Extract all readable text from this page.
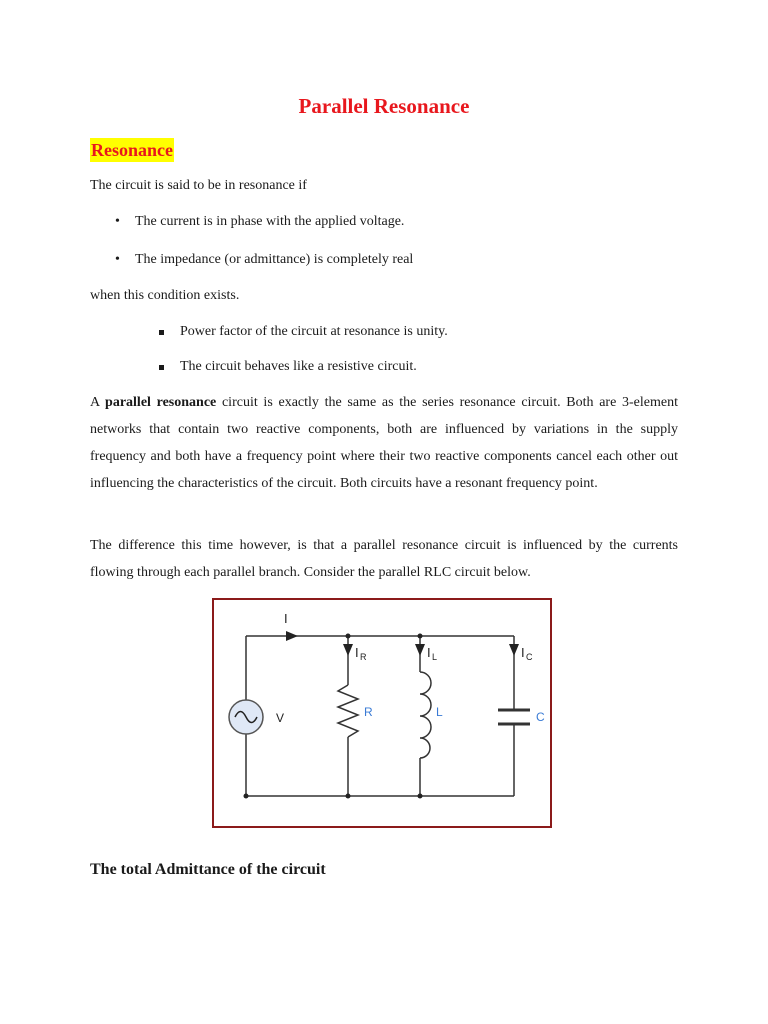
Parallel Resonance
Resonance
The circuit is said to be in resonance if
• The current is in phase with the applied voltage.
• The impedance (or admittance) is completely real
when this condition exists.
Power factor of the circuit at resonance is unity.
The circuit behaves like a resistive circuit.
A parallel resonance circuit is exactly the same as the series resonance circuit. Both are 3-element networks that contain two reactive components, both are influenced by variations in the supply frequency and both have a frequency point where their two reactive components cancel each other out influencing the characteristics of the circuit. Both circuits have a resonant frequency point.
The difference this time however, is that a parallel resonance circuit is influenced by the currents flowing through each parallel branch. Consider the parallel RLC circuit below.
I
I R	I L	I C
V	R	L	C
The total Admittance of the circuit
